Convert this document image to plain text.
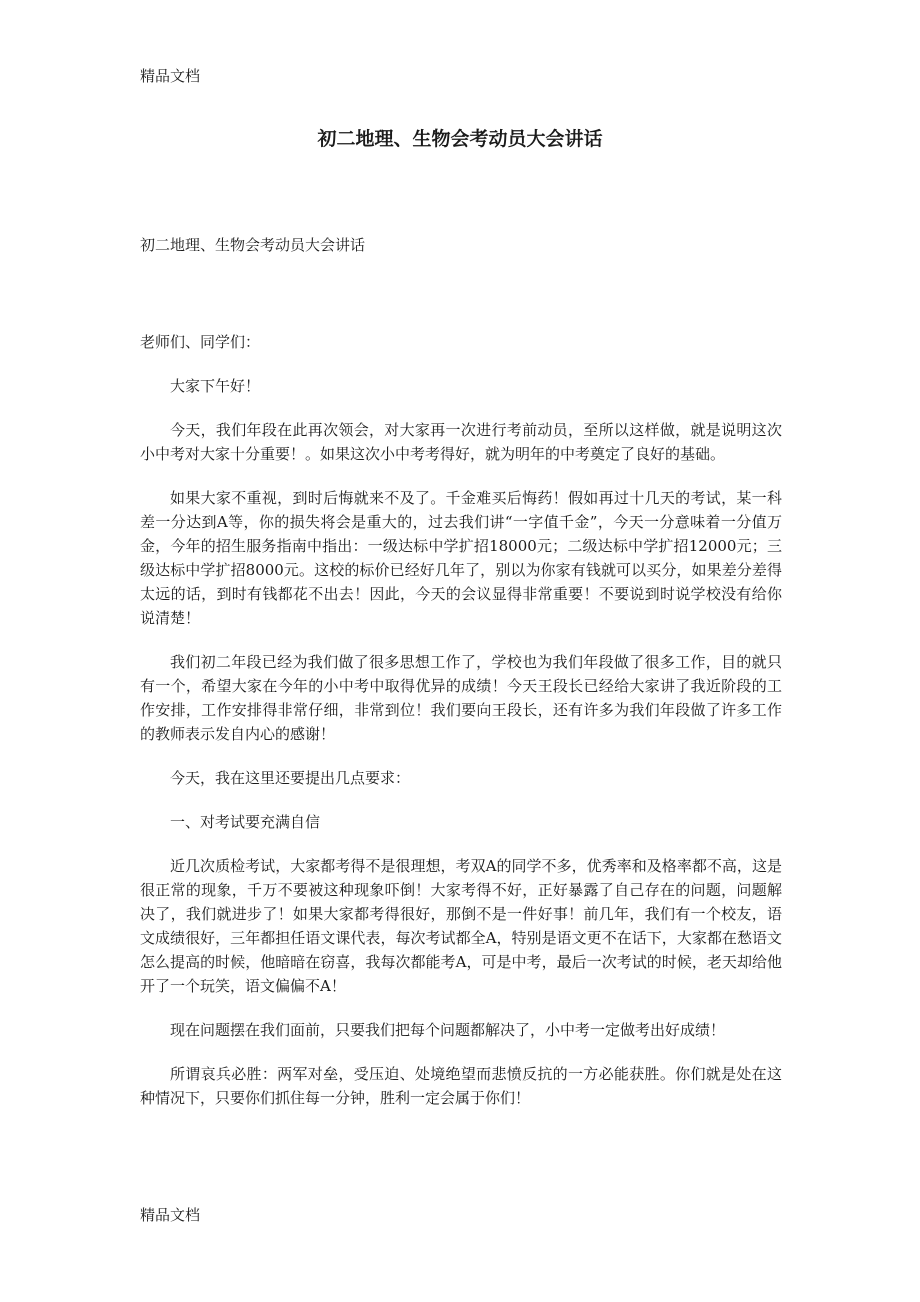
精品文档

初二地理、生物会考动员大会讲话

初二地理、生物会考动员大会讲话

老师们、同学们：

大家下午好！

今天，我们年段在此再次领会，对大家再一次进行考前动员，至所以这样做，就是说明这次小中考对大家十分重要！。如果这次小中考考得好，就为明年的中考奠定了良好的基础。

如果大家不重视，到时后悔就来不及了。千金难买后悔药！假如再过十几天的考试，某一科差一分达到A等，你的损失将会是重大的，过去我们讲“一字值千金”，今天一分意味着一分值万金，今年的招生服务指南中指出：一级达标中学扩招18000元；二级达标中学扩招12000元；三级达标中学扩招8000元。这校的标价已经好几年了，别以为你家有钱就可以买分，如果差分差得太远的话，到时有钱都花不出去！因此，今天的会议显得非常重要！不要说到时说学校没有给你说清楚！

我们初二年段已经为我们做了很多思想工作了，学校也为我们年段做了很多工作，目的就只有一个，希望大家在今年的小中考中取得优异的成绩！今天王段长已经给大家讲了我近阶段的工作安排，工作安排得非常仔细，非常到位！我们要向王段长，还有许多为我们年段做了许多工作的教师表示发自内心的感谢！

今天，我在这里还要提出几点要求：

一、对考试要充满自信

近几次质检考试，大家都考得不是很理想，考双A的同学不多，优秀率和及格率都不高，这是很正常的现象，千万不要被这种现象吓倒！大家考得不好，正好暴露了自己存在的问题，问题解决了，我们就进步了！如果大家都考得很好，那倒不是一件好事！前几年，我们有一个校友，语文成绩很好，三年都担任语文课代表，每次考试都全A，特别是语文更不在话下，大家都在愁语文怎么提高的时候，他暗暗在窃喜，我每次都能考A，可是中考，最后一次考试的时候，老天却给他开了一个玩笑，语文偏偏不A！

现在问题摆在我们面前，只要我们把每个问题都解决了，小中考一定做考出好成绩！

所谓哀兵必胜：两军对垒，受压迫、处境绝望而悲愤反抗的一方必能获胜。你们就是处在这种情况下，只要你们抓住每一分钟，胜利一定会属于你们！

精品文档
